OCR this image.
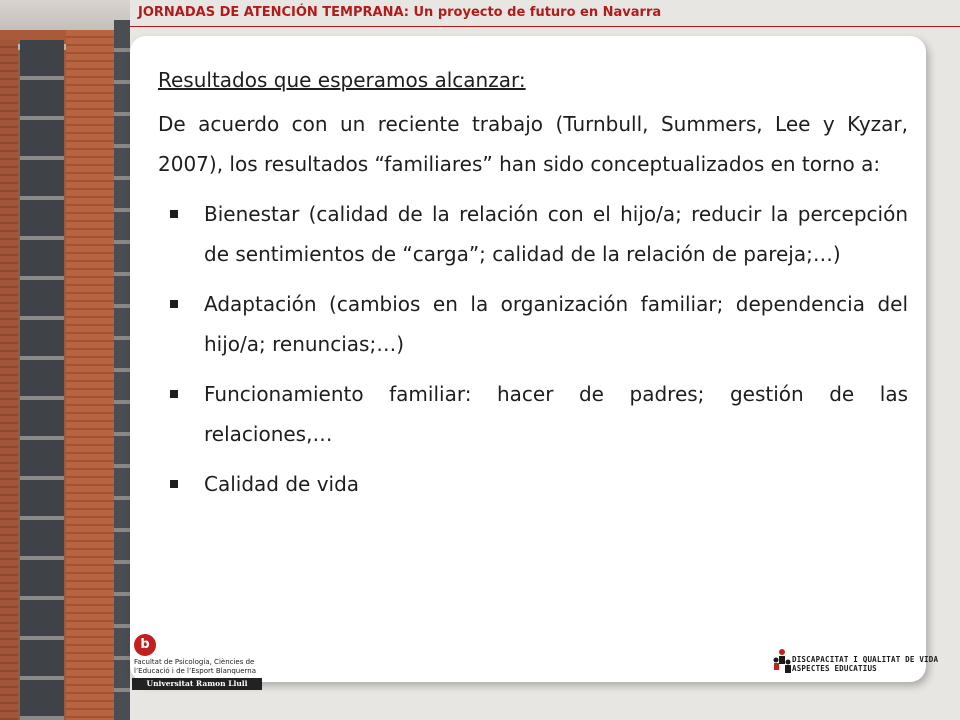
JORNADAS DE ATENCIÓN TEMPRANA: Un proyecto de futuro en Navarra

Resultados que esperamos alcanzar:

De acuerdo con un reciente trabajo (Turnbull, Summers, Lee y Kyzar, 2007), los resultados “familiares” han sido conceptualizados en torno a:

Bienestar (calidad de la relación con el hijo/a; reducir la percepción de sentimientos de “carga”; calidad de la relación de pareja;…)
Adaptación (cambios en la organización familiar; dependencia del hijo/a; renuncias;…)
Funcionamiento familiar: hacer de padres; gestión de las relaciones,…
Calidad de vida
b
Facultat de Psicologia, Ciències de l’Educació i de l’Esport Blanquerna
Universitat Ramon Llull
DISCAPACITAT I QUALITAT DE VIDA
ASPECTES EDUCATIUS
